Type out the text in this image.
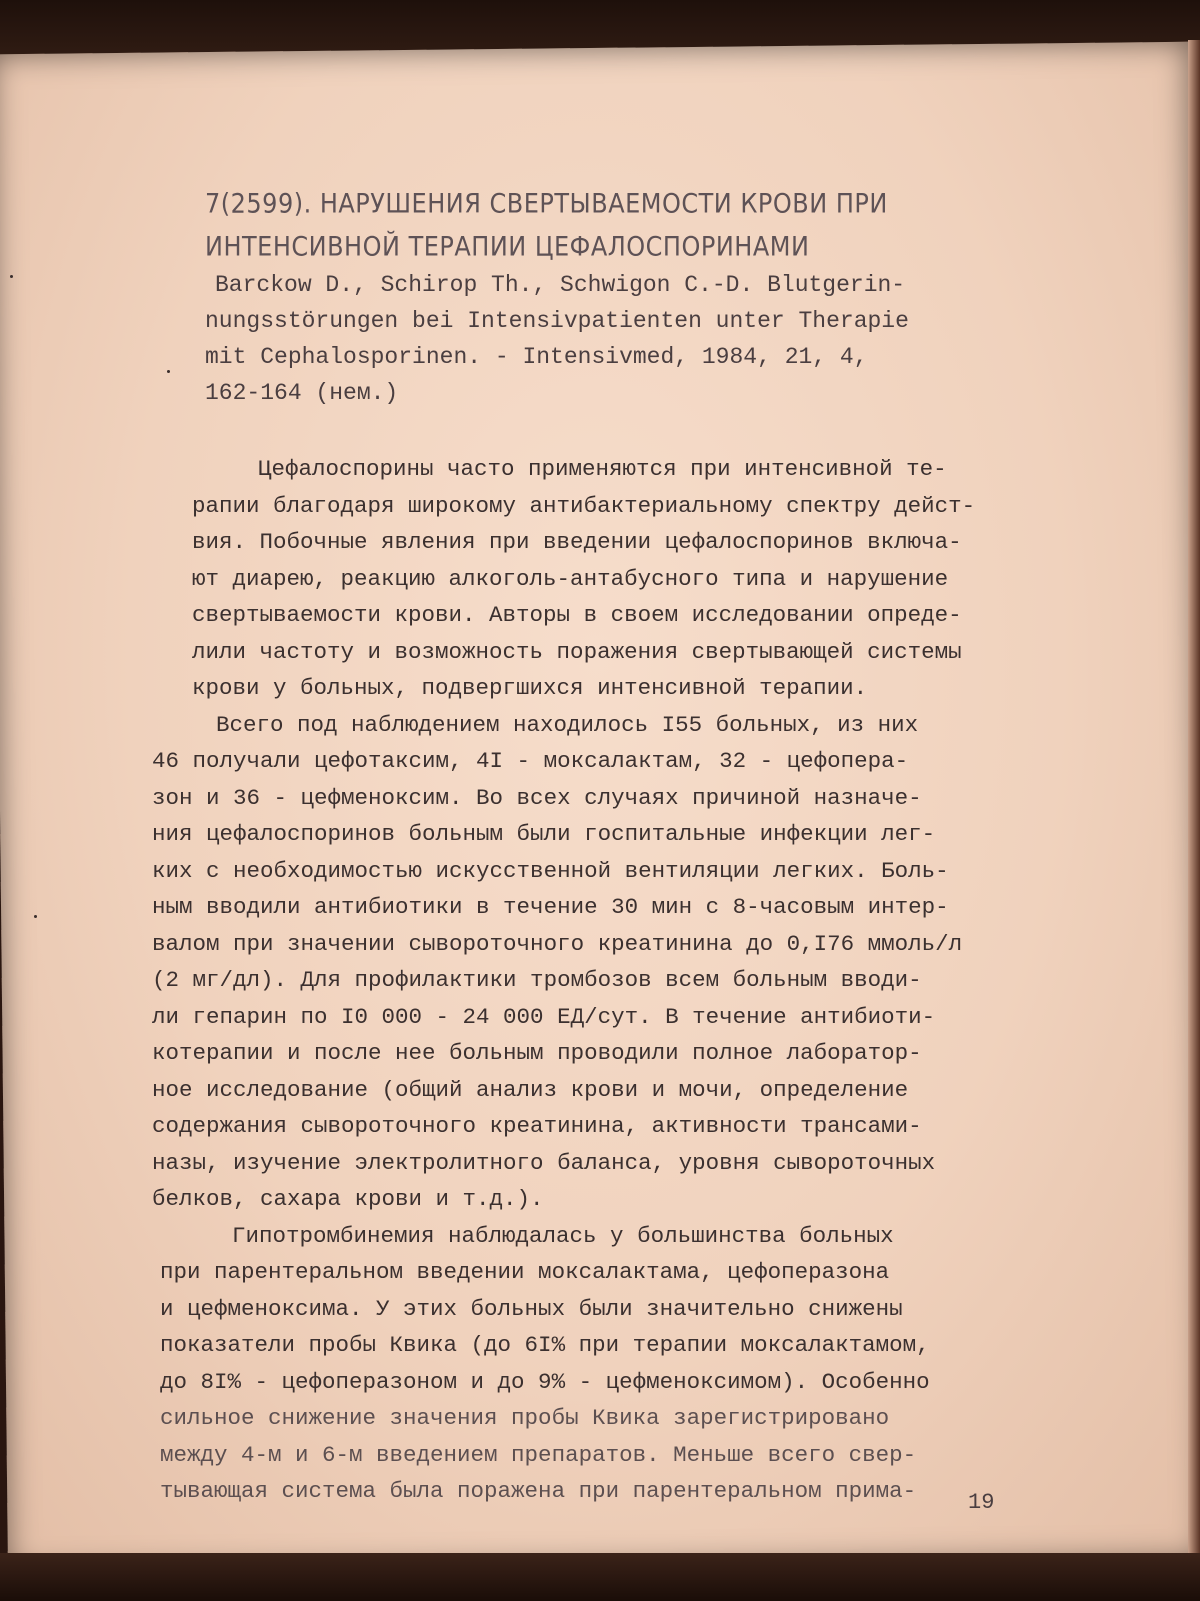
7(2599). НАРУШЕНИЯ СВЕРТЫВАЕМОСТИ КРОВИ ПРИ
ИНТЕНСИВНОЙ ТЕРАПИИ ЦЕФАЛОСПОРИНАМИ
Barckow D., Schirop Th., Schwigon C.-D. Blutgerin-
nungsstörungen bei Intensivpatienten unter Therapie
mit Cephalosporinen. - Intensivmed, 1984, 21, 4,
162-164 (нем.)
Цефалоспорины часто применяются при интенсивной те-
рапии благодаря широкому антибактериальному спектру дейст-
вия. Побочные явления при введении цефалоспоринов включа-
ют диарею, реакцию алкоголь-антабусного типа и нарушение
свертываемости крови. Авторы в своем исследовании опреде-
лили частоту и возможность поражения свертывающей системы
крови у больных, подвергшихся интенсивной терапии.
Всего под наблюдением находилось I55 больных, из них
46 получали цефотаксим, 4I - моксалактам, 32 - цефопера-
зон и 36 - цефменоксим. Во всех случаях причиной назначе-
ния цефалоспоринов больным были госпитальные инфекции лег-
ких с необходимостью искусственной вентиляции легких. Боль-
ным вводили антибиотики в течение 30 мин с 8-часовым интер-
валом при значении сывороточного креатинина до 0,I76 ммоль/л
(2 мг/дл). Для профилактики тромбозов всем больным вводи-
ли гепарин по I0 000 - 24 000 ЕД/сут. В течение антибиоти-
котерапии и после нее больным проводили полное лаборатор-
ное исследование (общий анализ крови и мочи, определение
содержания сывороточного креатинина, активности трансами-
назы, изучение электролитного баланса, уровня сывороточных
белков, сахара крови и т.д.).
Гипотромбинемия наблюдалась у большинства больных
при парентеральном введении моксалактама, цефоперазона
и цефменоксима. У этих больных были значительно снижены
показатели пробы Квика (до 6I% при терапии моксалактамом,
до 8I% - цефоперазоном и до 9% - цефменоксимом). Особенно
сильное снижение значения пробы Квика зарегистрировано
между 4-м и 6-м введением препаратов. Меньше всего свер-
тывающая система была поражена при парентеральном прима-	19
